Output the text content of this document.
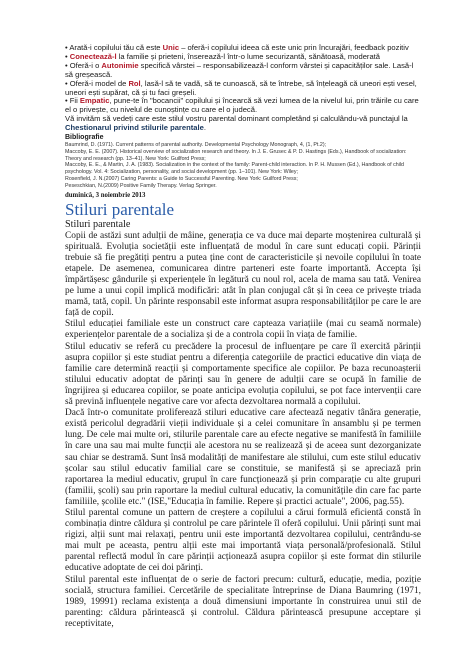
• Arată-i copilului tău că este Unic – oferă-i copilului ideea că este unic prin încurajări, feedback pozitiv

• Conectează-l la familie și prieteni, înserează-l într-o lume securizantă, sănătoasă, moderată

• Oferă-i o Autonimie specifică vârstei – responsabilizează-l conform vârstei și capacităților sale. Lasă-l să greșească.

• Oferă-i model de Rol, lasă-l să te vadă, să te cunoască, să te întrebe, să înțeleagă că uneori ești vesel, uneori ești supărat, că și tu faci greșeli.

• Fii Empatic, pune-te în "bocancii" copilului și încearcă să vezi lumea de la nivelul lui, prin trăirile cu care el o privește, cu nivelul de cunoștințe cu care el o judecă.

Vă invităm să vedeți care este stilul vostru parental dominant completând și calculându-vă punctajul la Chestionarul privind stilurile parentale.

Bibliografie

Baumrind, D. (1971). Current patterns of parental authority. Developmental Psychology Monograph, 4, (1, Pt.2);

Maccoby, E. E. (2007). Historical overview of socialization research and theory. In J. E. Grusec & P. D. Hastings (Eds.), Handbook of socialization: Theory and research (pp. 13–41). New York: Guilford Press;

Maccoby, E. E., & Martin, J. A. (1983). Socialization in the context of the family: Parent-child interaction. In P. H. Mussen (Ed.), Handbook of child psychology. Vol. 4: Socialization, personality, and social development (pp. 1–101). New York: Wiley;

Rosenfield, J. N.(2007) Caring Parents: a Guide to Successful Parenting. New York: Guilford Press;

Peseschkian, N.(2009) Positive Family Therapy. Verlag Springer.

duminică, 3 noiembrie 2013

Stiluri parentale

Stiluri parentale

Copii de astăzi sunt adulții de mâine, generația ce va duce mai departe moștenirea culturală și spirituală. Evoluția societății este influențată de modul în care sunt educați copii. Părinții trebuie să fie pregătiți pentru a putea ține cont de caracteristicile și nevoile copilului în toate etapele. De asemenea, comunicarea dintre parteneri este foarte importantă. Accepta își împărtășesc gândurile și experiențele în legătură cu noul rol, acela de mama sau tată. Venirea pe lume a unui copil implică modificări: atât în plan conjugal cât și în ceea ce privește triada mamă, tată, copil. Un părinte responsabil este informat asupra responsabilităților pe care le are față de copil.

Stilul educației familiale este un construct care capteaza variațiile (mai cu seamă normale) experiențelor parentale de a socializa și de a controla copii în viața de familie.

Stilul educativ se referă cu precădere la procesul de influențare pe care îl exercită părinții asupra copiilor și este studiat pentru a diferenția categoriile de practici educative din viața de familie care determină reacții și comportamente specifice ale copiilor. Pe baza recunoașterii stilului educativ adoptat de părinți sau în genere de adulții care se ocupă în familie de îngrijirea și educarea copiilor, se poate anticipa evoluția copilului, se pot face intervenții care să prevină influențele negative care vor afecta dezvoltarea normală a copilului.

Dacă într-o comunitate proliferează stiluri educative care afectează negativ tânăra generație, există pericolul degradării vieții individuale și a celei comunitare în ansamblu și pe termen lung. De cele mai multe ori, stilurile parentale care au efecte negative se manifestă în familiile în care una sau mai multe funcții ale acestora nu se realizează și de aceea sunt dezorganizate sau chiar se destramă. Sunt însă modalități de manifestare ale stilului, cum este stilul educativ școlar sau stilul educativ familial care se constituie, se manifestă și se apreciază prin raportarea la mediul educativ, grupul în care funcționează și prin comparație cu alte grupuri (familii, școli) sau prin raportare la mediul cultural educativ, la comunitățile din care fac parte familiile, școlile etc." (ISE,"Educația în familie. Repere și practici actuale", 2006, pag.55).

Stilul parental comune un pattern de creștere a copilului a cărui formulă eficientă constă în combinația dintre căldura și controlul pe care părintele îl oferă copilului. Unii părinți sunt mai rigizi, alții sunt mai relaxați, pentru unii este importantă dezvoltarea copilului, centrându-se mai mult pe aceasta, pentru alții este mai importantă viața personală/profesională. Stilul parental reflectă modul în care părinții acționează asupra copiilor și este format din stilurile educative adoptate de cei doi părinți.

Stilul parental este influențat de o serie de factori precum: cultură, educație, media, poziție socială, structura familiei. Cercetările de specialitate întreprinse de Diana Baumring (1971, 1989, 19991) reclama existența a două dimensiuni importante în construirea unui stil de parenting: căldura părintească și controlul. Căldura părintească presupune acceptare și receptivitate,
